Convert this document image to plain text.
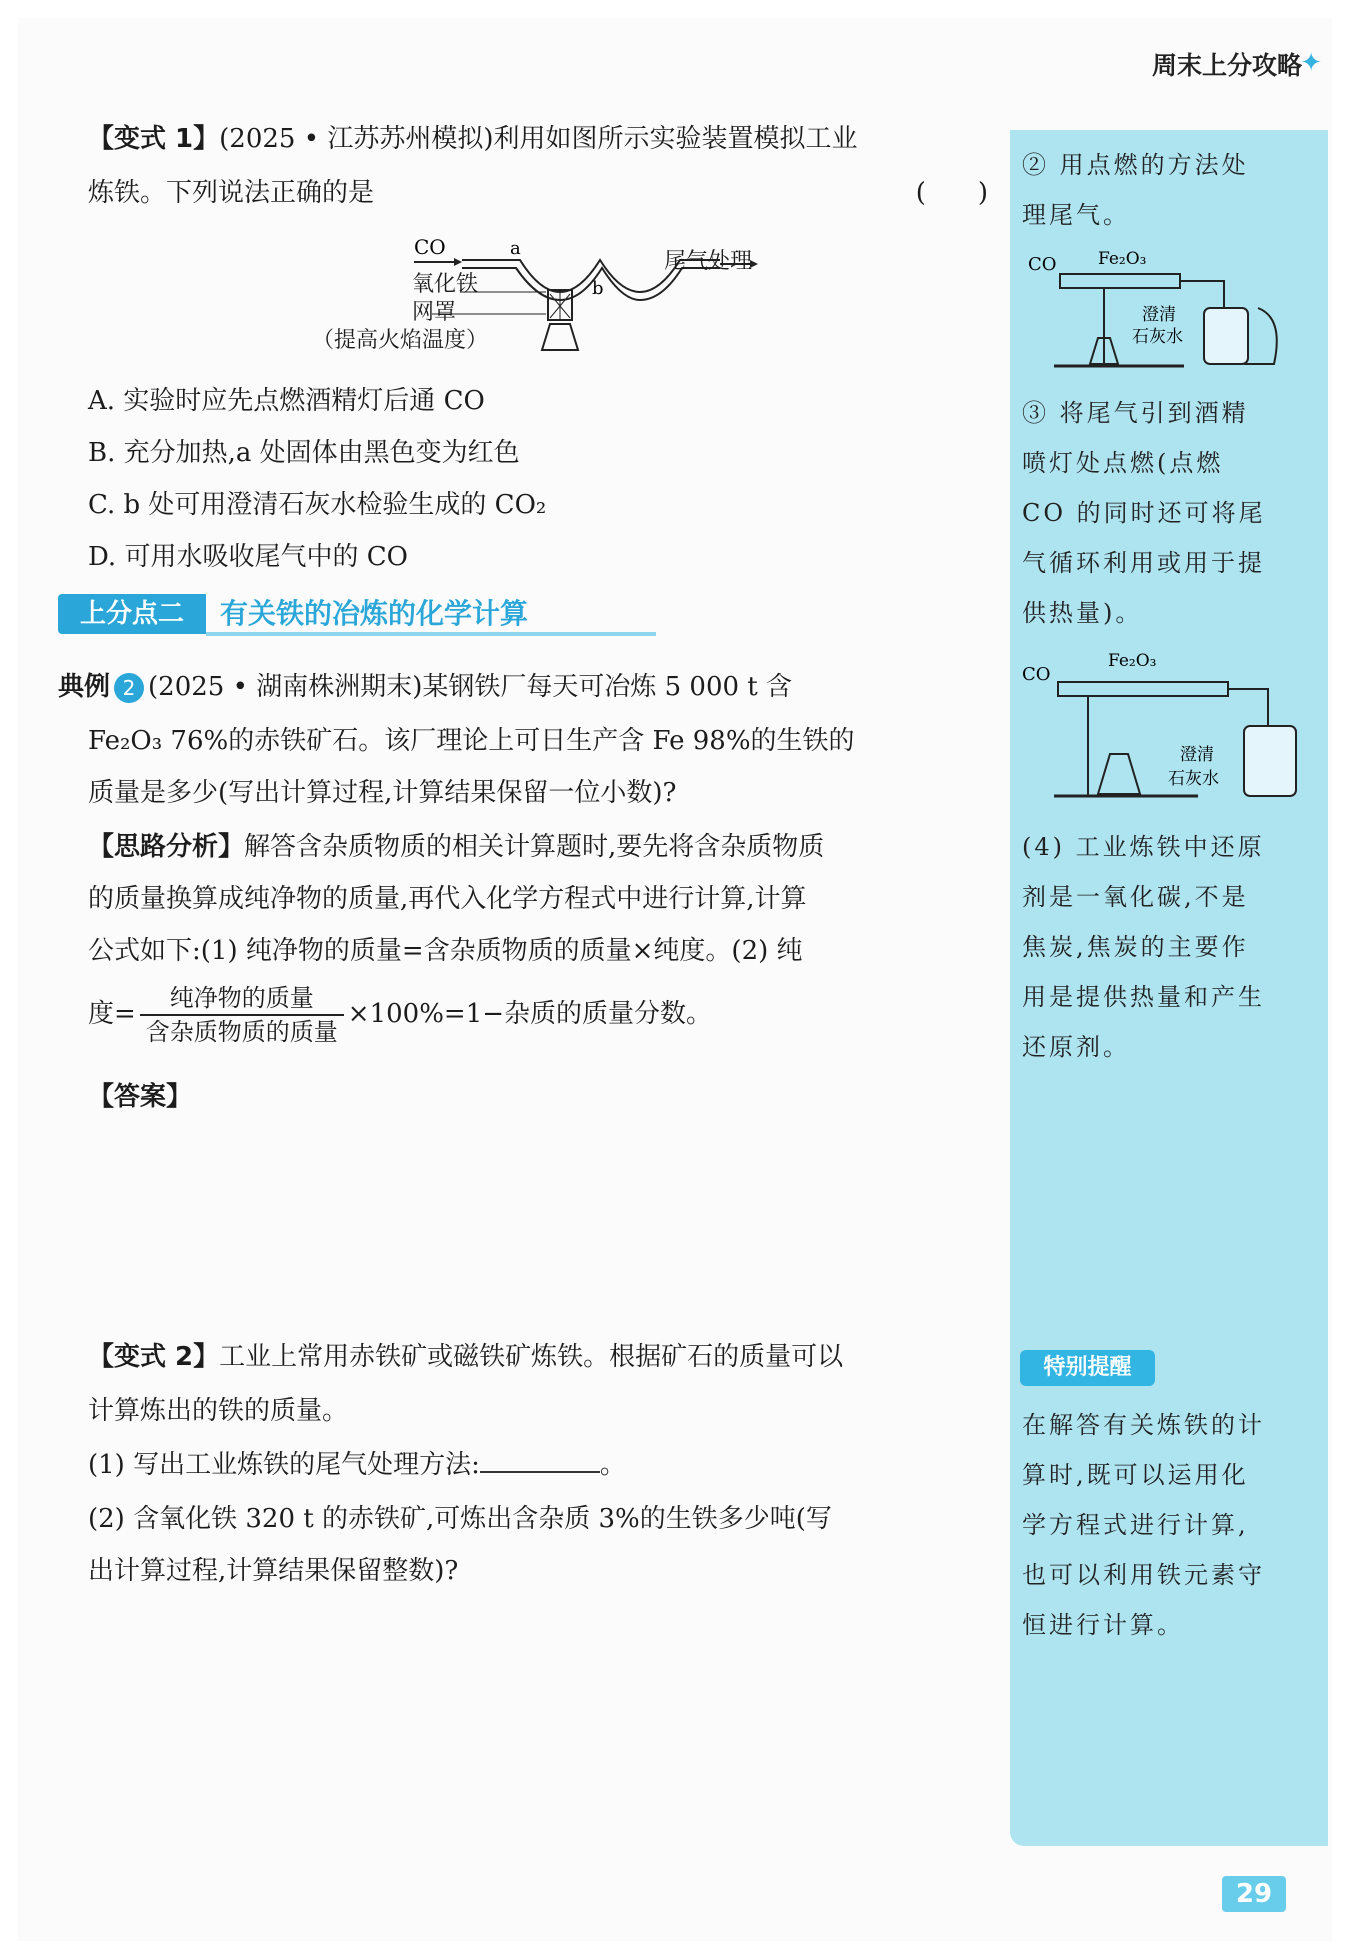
周末上分攻略
✦
【变式 1】(2025 • 江苏苏州模拟)利用如图所示实验装置模拟工业
炼铁。下列说法正确的是	(　　)
CO	a
b
氧化铁
网罩
（提高火焰温度）
尾气处理
A. 实验时应先点燃酒精灯后通 CO
B. 充分加热,a 处固体由黑色变为红色
C. b 处可用澄清石灰水检验生成的 CO₂
D. 可用水吸收尾气中的 CO
上分点二	有关铁的冶炼的化学计算
典例 2 (2025 • 湖南株洲期末)某钢铁厂每天可冶炼 5 000 t 含
Fe₂O₃ 76%的赤铁矿石。该厂理论上可日生产含 Fe 98%的生铁的
质量是多少(写出计算过程,计算结果保留一位小数)?
【思路分析】解答含杂质物质的相关计算题时,要先将含杂质物质
的质量换算成纯净物的质量,再代入化学方程式中进行计算,计算
公式如下:(1) 纯净物的质量=含杂质物质的质量×纯度。(2) 纯
度= $\frac{\text{纯净物的质量}}{\text{含杂质物质的质量}} \times 100\%=1-$杂质的质量分数。
【答案】
【变式 2】工业上常用赤铁矿或磁铁矿炼铁。根据矿石的质量可以
计算炼出的铁的质量。
(1) 写出工业炼铁的尾气处理方法:	。
(2) 含氧化铁 320 t 的赤铁矿,可炼出含杂质 3%的生铁多少吨(写
出计算过程,计算结果保留整数)?
② 用点燃的方法处
理尾气。
CO Fe₂O₃
澄清
石灰水
③ 将尾气引到酒精
喷灯处点燃(点燃
CO 的同时还可将尾
气循环利用或用于提
供热量)。
CO
Fe₂O₃
澄清
石灰水
(4) 工业炼铁中还原
剂是一氧化碳,不是
焦炭,焦炭的主要作
用是提供热量和产生
还原剂。
特别提醒
在解答有关炼铁的计
算时,既可以运用化
学方程式进行计算,
也可以利用铁元素守
恒进行计算。
29
